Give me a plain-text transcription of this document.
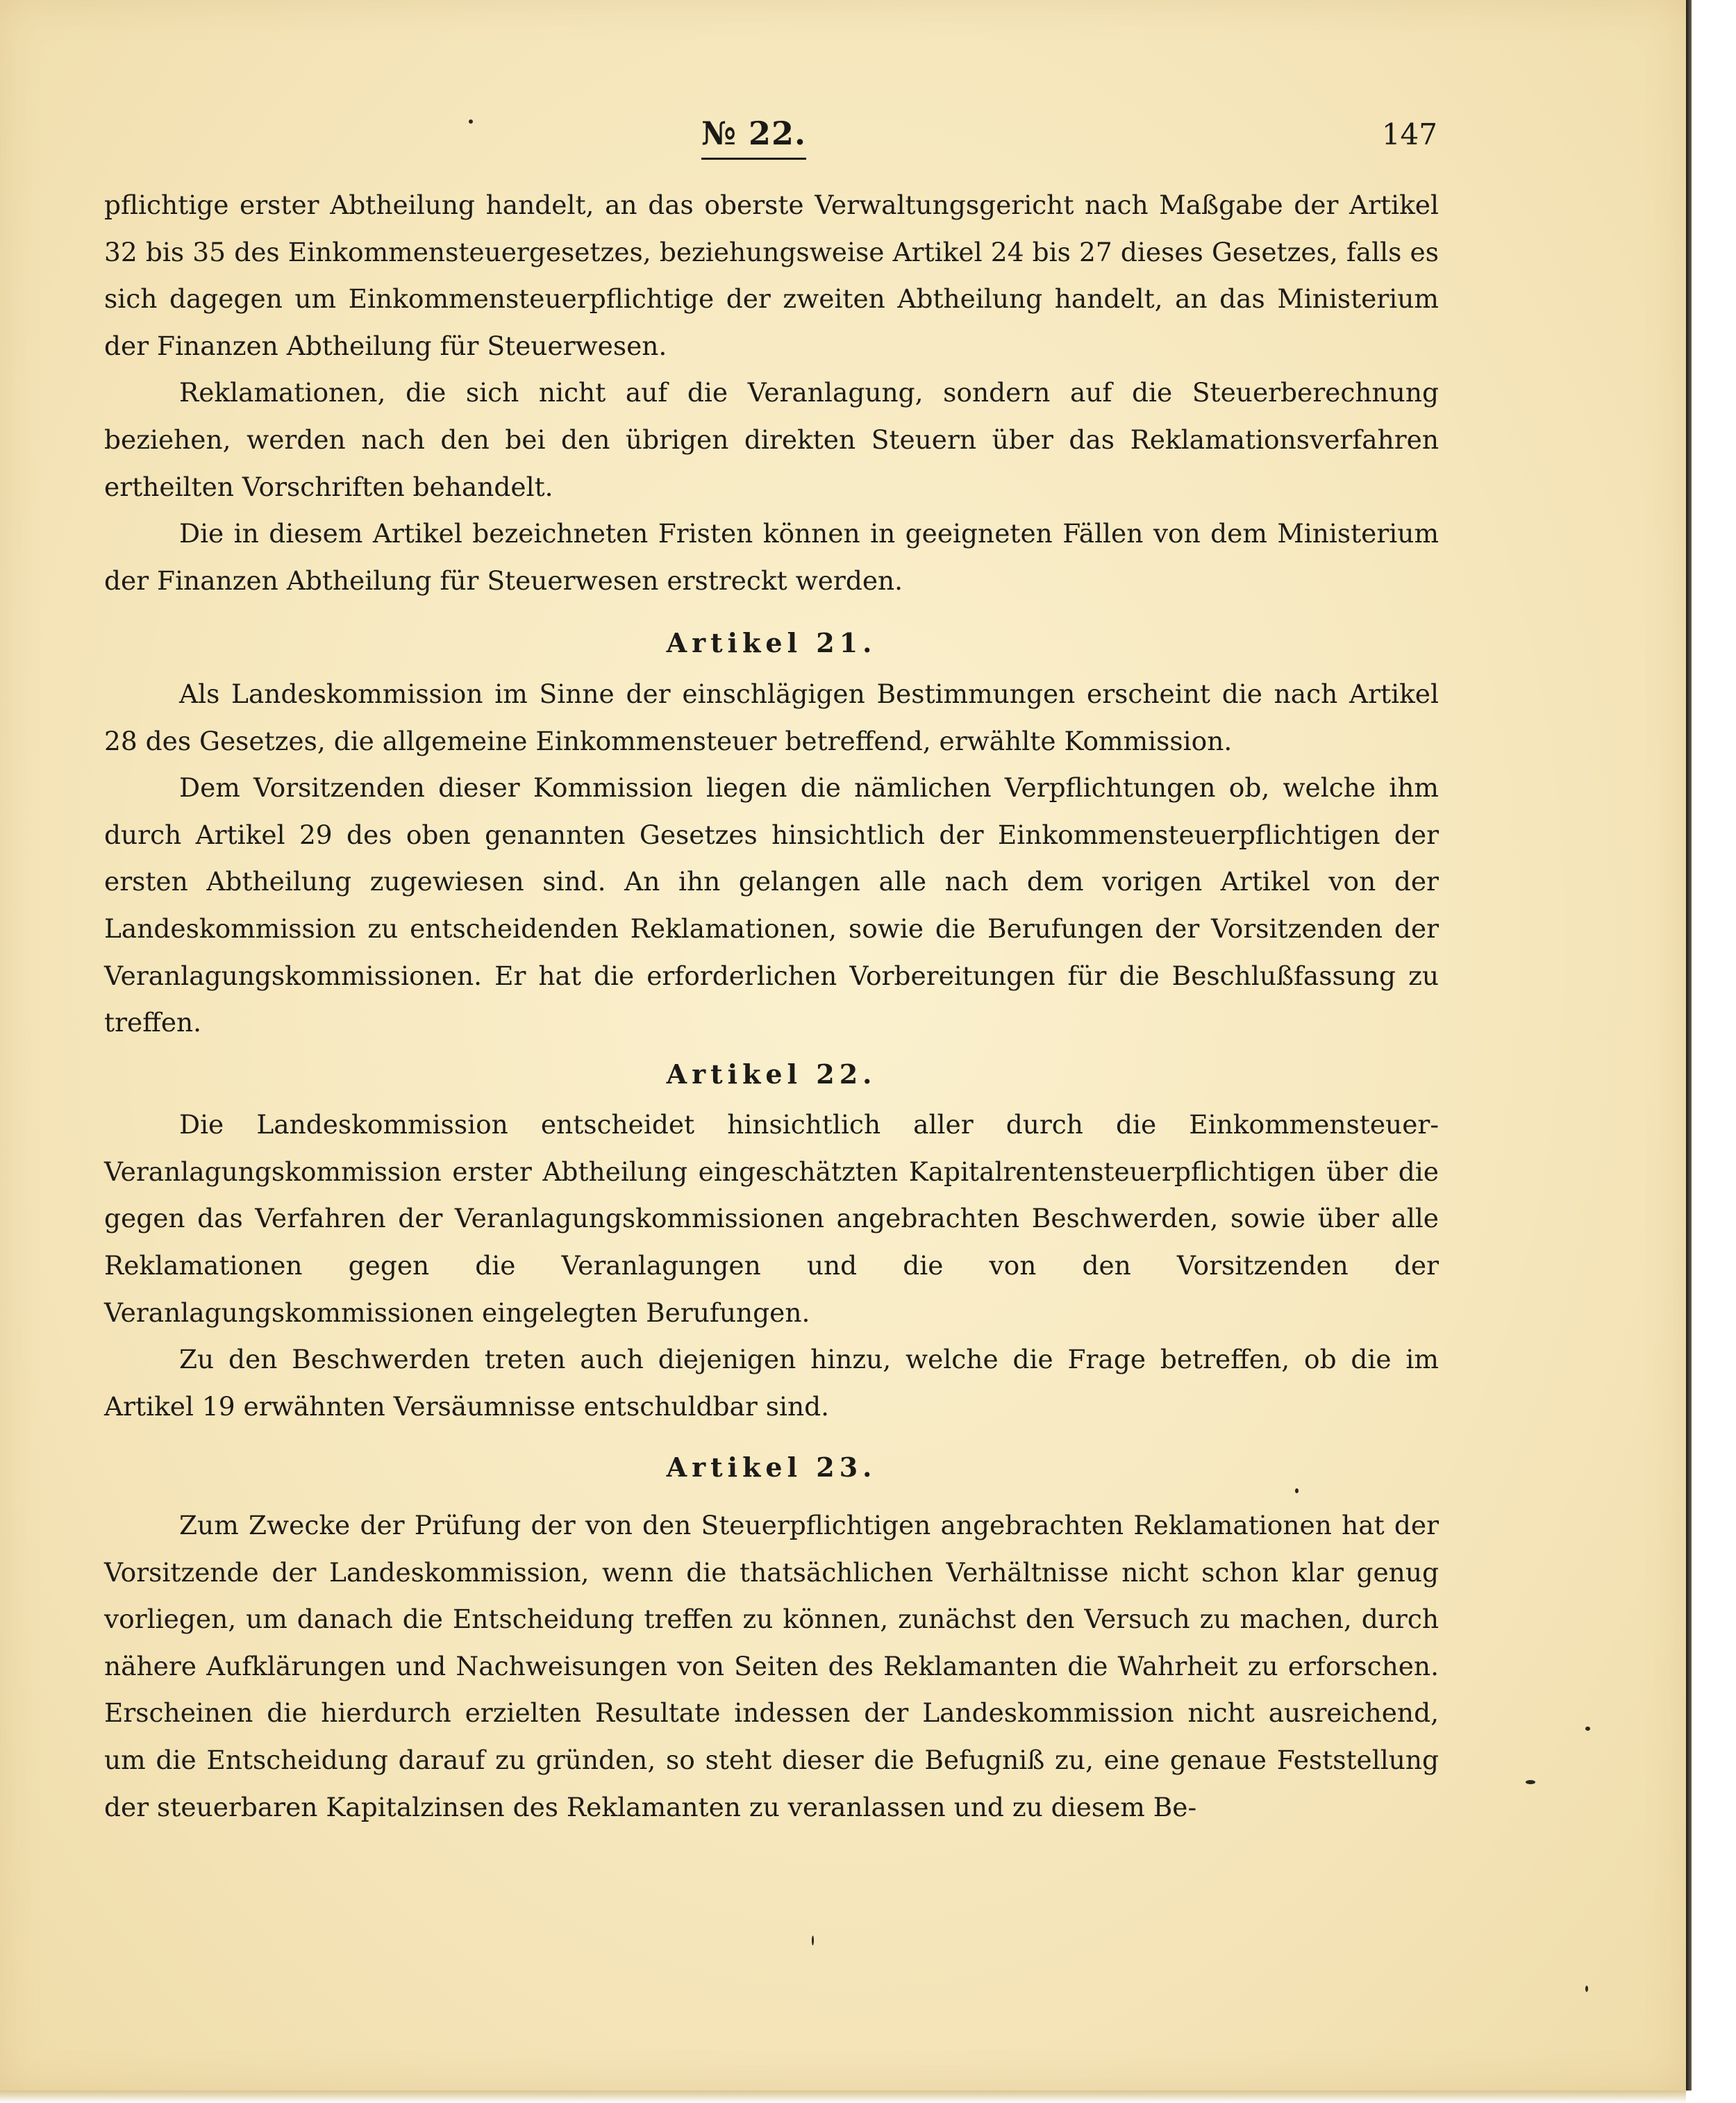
№ 22.	147

pflichtige erster Abtheilung handelt, an das oberste Verwaltungsgericht nach Maßgabe der Artikel 32 bis 35 des Einkommensteuergesetzes, beziehungsweise Artikel 24 bis 27 dieses Gesetzes, falls es sich dagegen um Einkommensteuerpflichtige der zweiten Abtheilung handelt, an das Ministerium der Finanzen Abtheilung für Steuerwesen.

Reklamationen, die sich nicht auf die Veranlagung, sondern auf die Steuerberechnung beziehen, werden nach den bei den übrigen direkten Steuern über das Reklamationsverfahren ertheilten Vorschriften behandelt.

Die in diesem Artikel bezeichneten Fristen können in geeigneten Fällen von dem Ministerium der Finanzen Abtheilung für Steuerwesen erstreckt werden.

Artikel 21.

Als Landeskommission im Sinne der einschlägigen Bestimmungen erscheint die nach Artikel 28 des Gesetzes, die allgemeine Einkommensteuer betreffend, erwählte Kommission.

Dem Vorsitzenden dieser Kommission liegen die nämlichen Verpflichtungen ob, welche ihm durch Artikel 29 des oben genannten Gesetzes hinsichtlich der Einkommensteuerpflichtigen der ersten Abtheilung zugewiesen sind. An ihn gelangen alle nach dem vorigen Artikel von der Landeskommission zu entscheidenden Reklamationen, sowie die Berufungen der Vorsitzenden der Veranlagungskommissionen. Er hat die erforderlichen Vorbereitungen für die Beschlußfassung zu treffen.

Artikel 22.

Die Landeskommission entscheidet hinsichtlich aller durch die Einkommensteuer-Veranlagungskommission erster Abtheilung eingeschätzten Kapitalrentensteuerpflichtigen über die gegen das Verfahren der Veranlagungskommissionen angebrachten Beschwerden, sowie über alle Reklamationen gegen die Veranlagungen und die von den Vorsitzenden der Veranlagungskommissionen eingelegten Berufungen.

Zu den Beschwerden treten auch diejenigen hinzu, welche die Frage betreffen, ob die im Artikel 19 erwähnten Versäumnisse entschuldbar sind.

Artikel 23.

Zum Zwecke der Prüfung der von den Steuerpflichtigen angebrachten Reklamationen hat der Vorsitzende der Landeskommission, wenn die thatsächlichen Verhältnisse nicht schon klar genug vorliegen, um danach die Entscheidung treffen zu können, zunächst den Versuch zu machen, durch nähere Aufklärungen und Nachweisungen von Seiten des Reklamanten die Wahrheit zu erforschen. Erscheinen die hierdurch erzielten Resultate indessen der Landeskommission nicht ausreichend, um die Entscheidung darauf zu gründen, so steht dieser die Befugniß zu, eine genaue Feststellung der steuerbaren Kapitalzinsen des Reklamanten zu veranlassen und zu diesem Be-
